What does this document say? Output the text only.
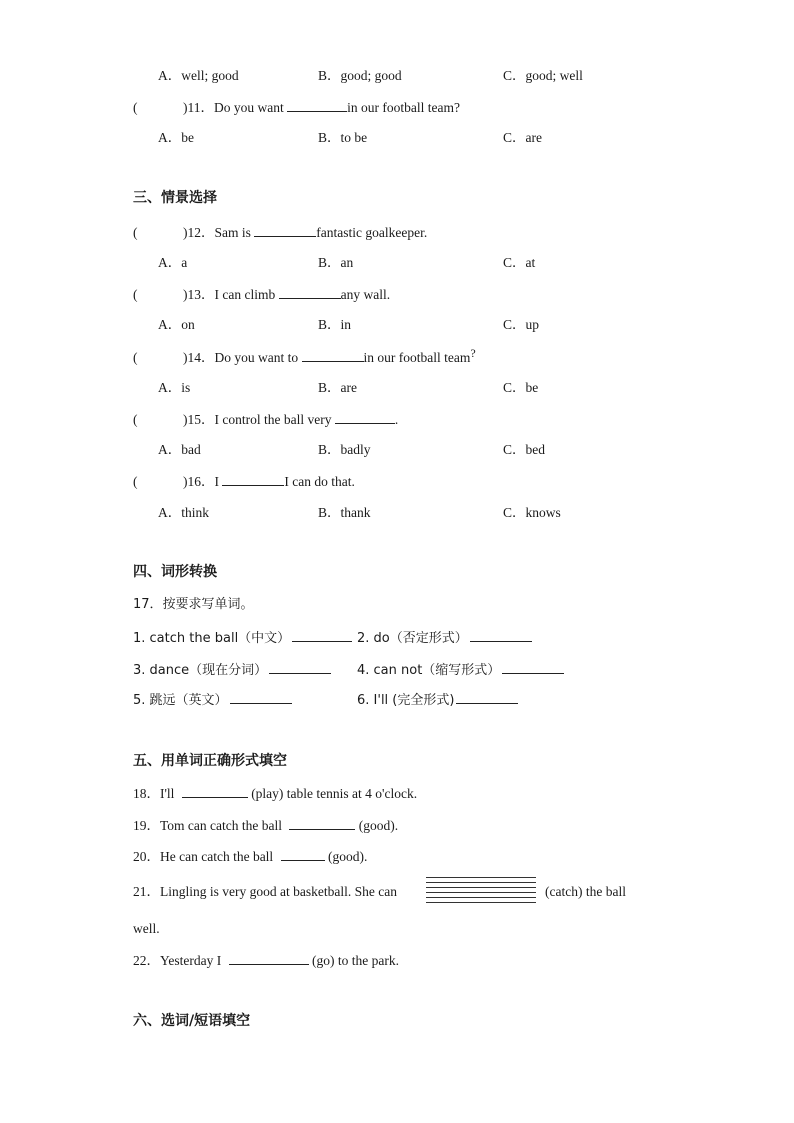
A．well; good	B．good; good	C．good; well
(	)11．Do you want	in our football team?
A．be	B．to be	C．are
三、情景选择
(	)12．Sam is	fantastic goalkeeper.
A．a	B．an	C．at
(	)13．I can climb	any wall.
A．on	B．in	C．up
(	)14．Do you want to	in our football team?
A．is	B．are	C．be
(	)15．I control the ball very	.
A．bad	B．badly	C．bed
(	)16．I	I can do that.
A．think	B．thank	C．knows
四、词形转换
17．按要求写单词。
1. catch the ball（中文）	2. do（否定形式）
3. dance（现在分词）	4. can not（缩写形式）
5. 跳远（英文）	6. I'll (完全形式)
五、用单词正确形式填空
18．I'll	(play) table tennis at 4 o'clock.
19．Tom can catch the ball	(good).
20．He can catch the ball	(good).
21．Lingling is very good at basketball. She can	(catch) the ball
well.
22．Yesterday I	(go) to the park.
六、选词/短语填空
